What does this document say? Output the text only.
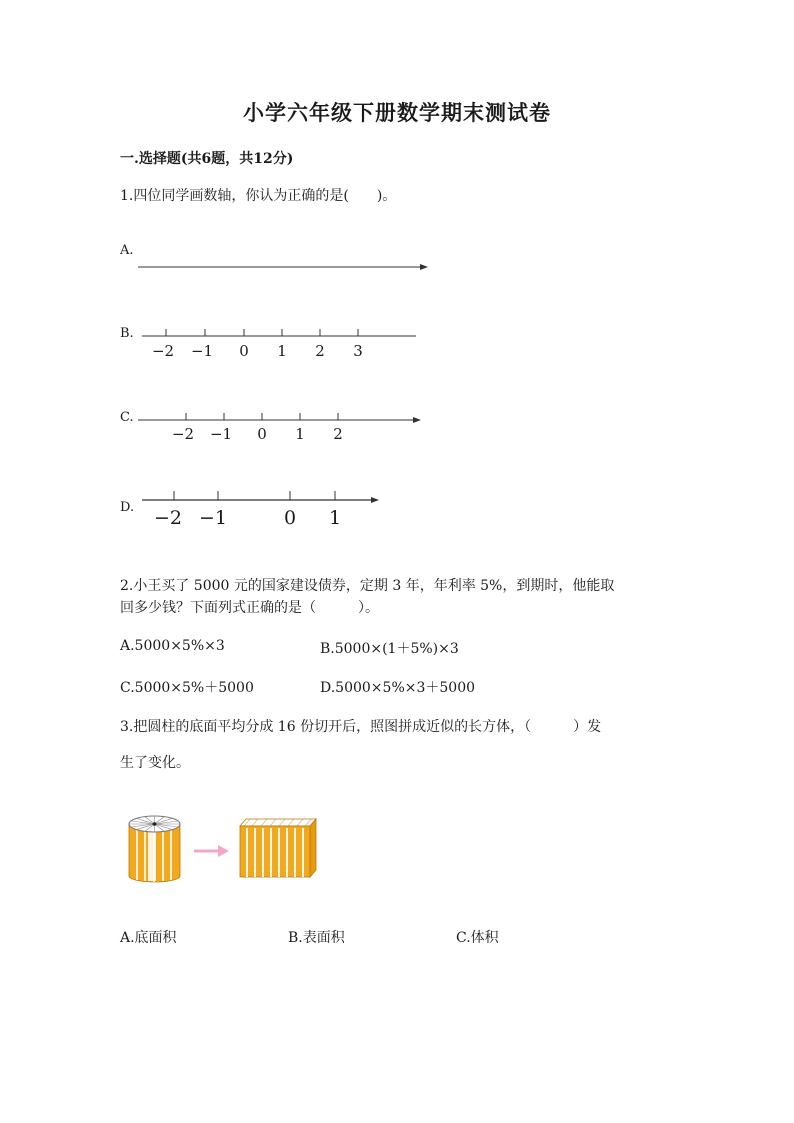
小学六年级下册数学期末测试卷
一.选择题(共6题，共12分)
1.四位同学画数轴，你认为正确的是(　　)。
A.
B.
−2 −1 0 1 2 3
C.
−2 −1 0 1 2
D. −2 −1	0 1
2.小王买了 5000 元的国家建设债券，定期 3 年，年利率 5%，到期时，他能取
回多少钱？下面列式正确的是（　　　）。
A.5000×5%×3	B.5000×(1＋5%)×3
C.5000×5%＋5000	D.5000×5%×3＋5000
3.把圆柱的底面平均分成 16 份切开后，照图拼成近似的长方体，（　　　）发
生了变化。
A.底面积	B.表面积	C.体积
